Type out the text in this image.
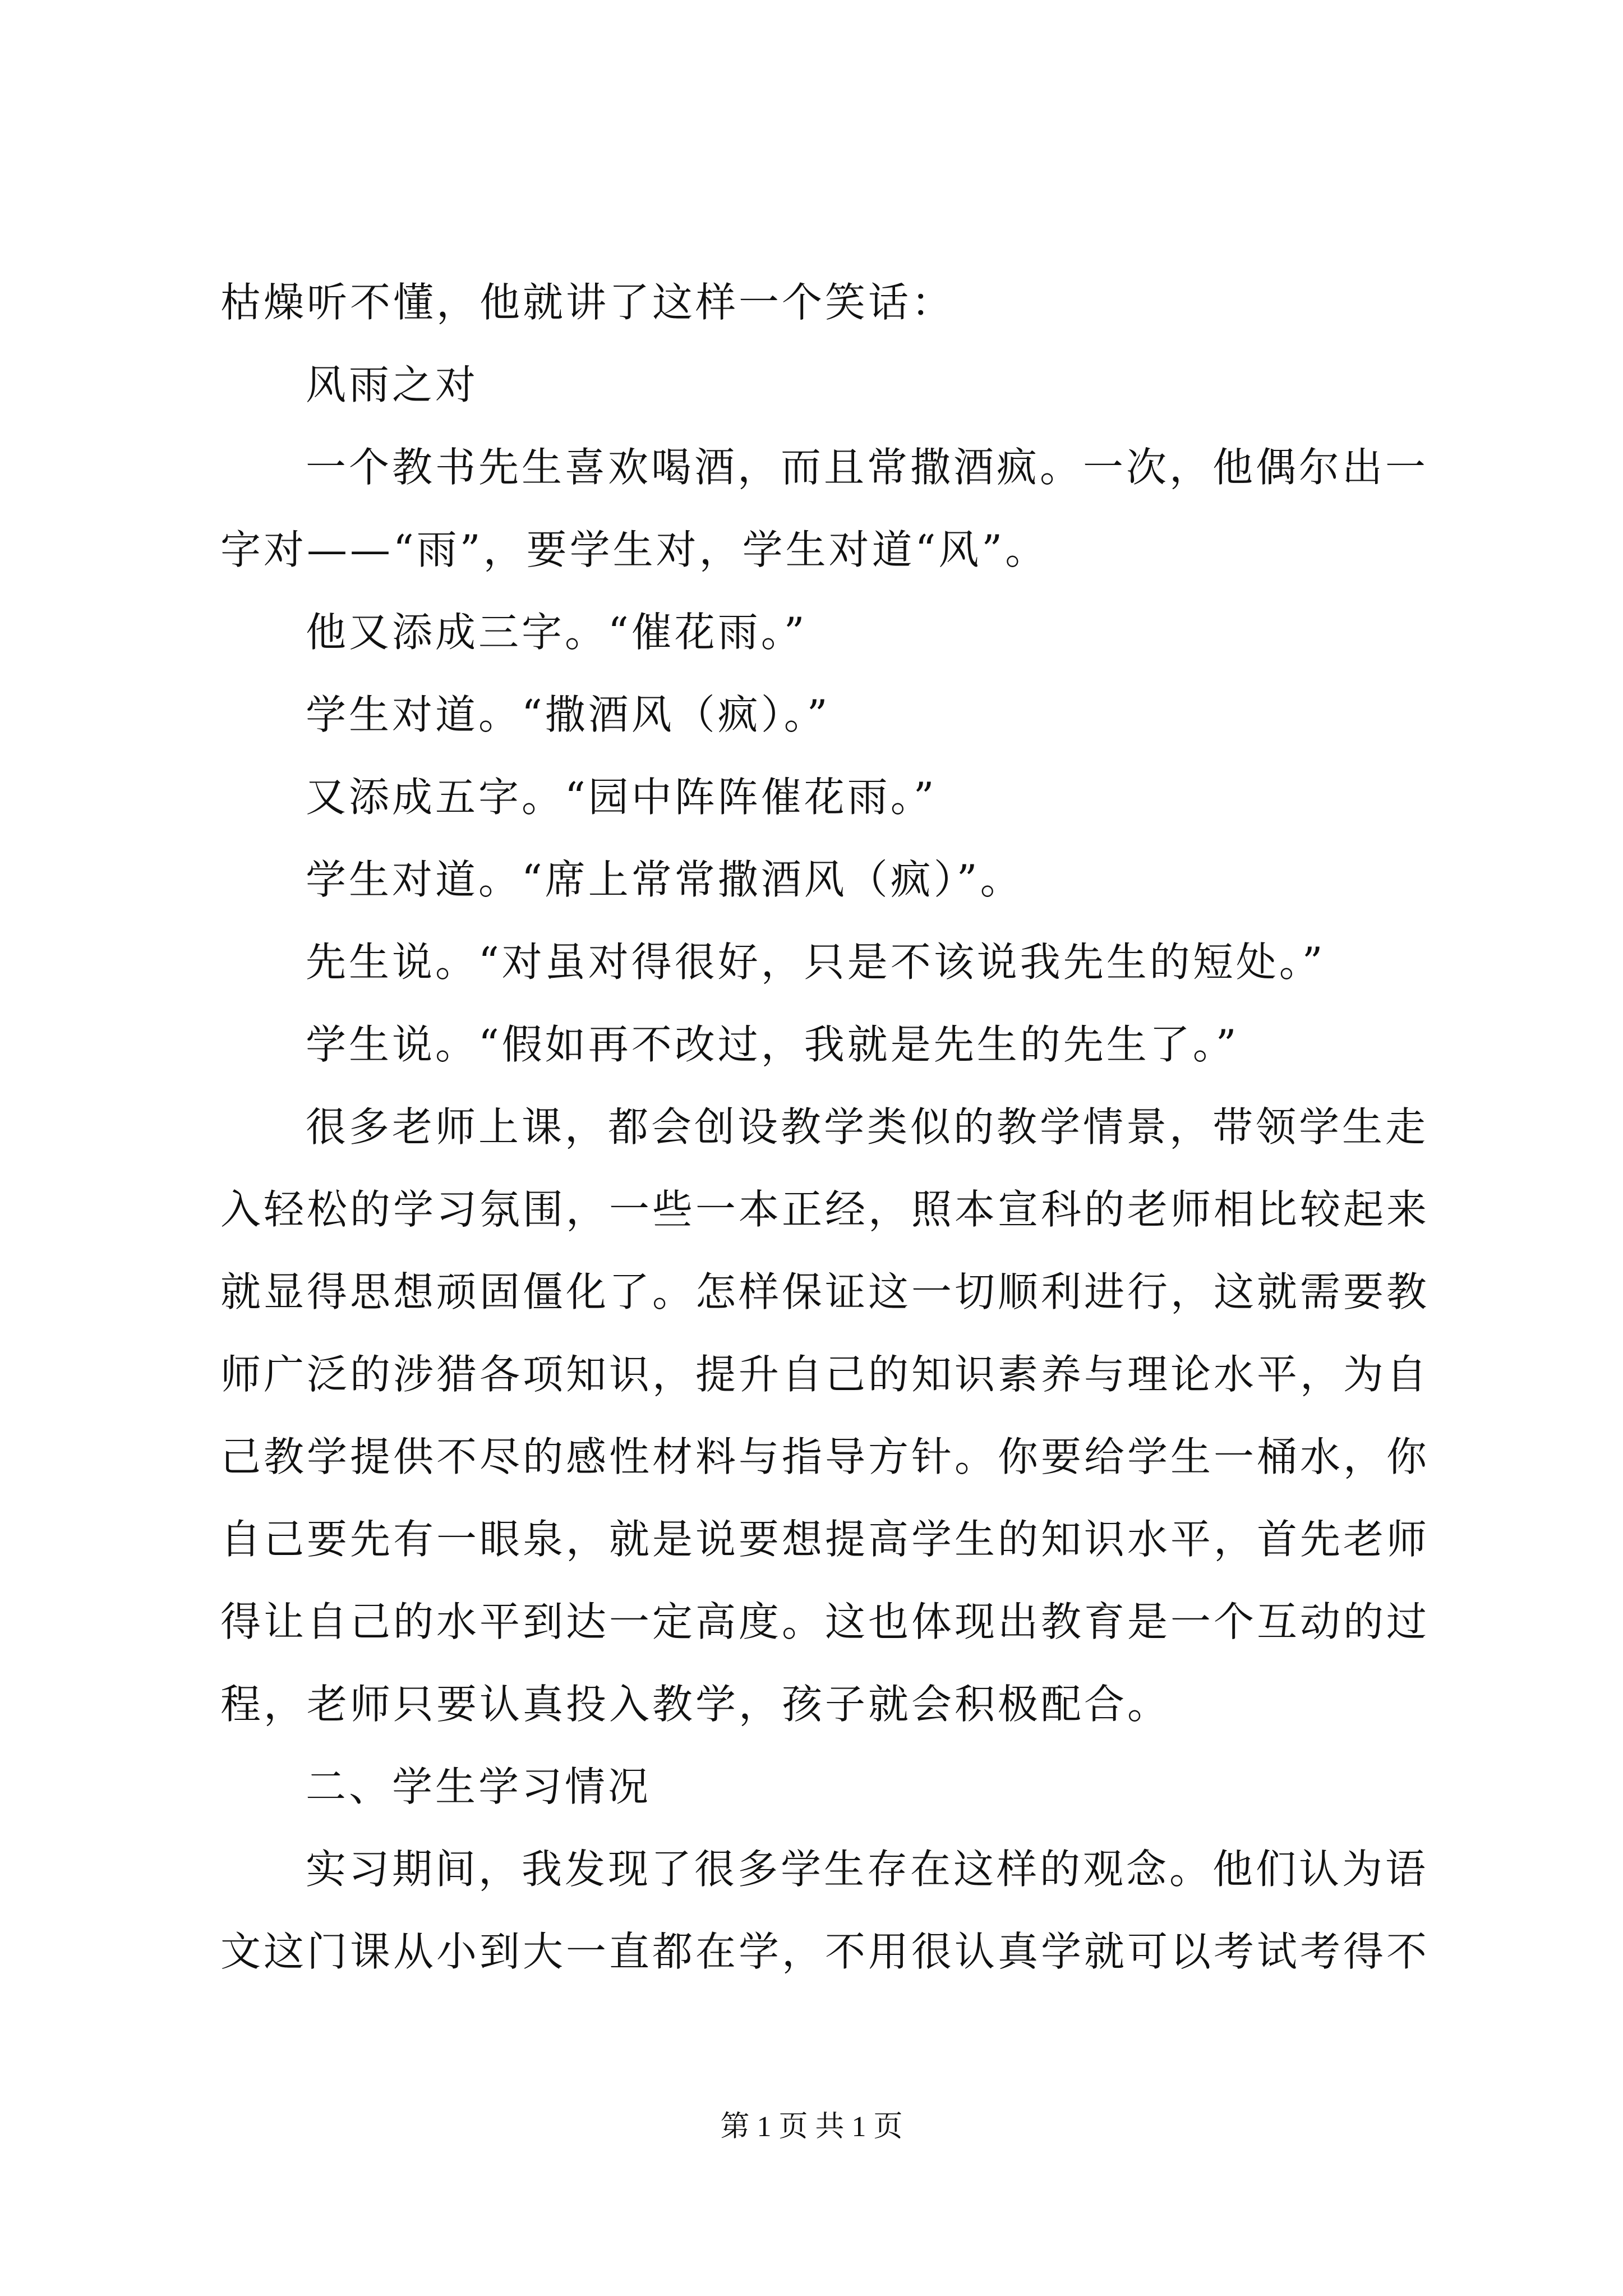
枯燥听不懂，他就讲了这样一个笑话：
风雨之对
一个教书先生喜欢喝酒，而且常撒酒疯。一次，他偶尔出一
字对——“雨”，要学生对，学生对道“风”。
他又添成三字。“催花雨。”
学生对道。“撒酒风（疯）。”
又添成五字。“园中阵阵催花雨。”
学生对道。“席上常常撒酒风（疯）”。
先生说。“对虽对得很好，只是不该说我先生的短处。”
学生说。“假如再不改过，我就是先生的先生了。”
很多老师上课，都会创设教学类似的教学情景，带领学生走
入轻松的学习氛围，一些一本正经，照本宣科的老师相比较起来
就显得思想顽固僵化了。怎样保证这一切顺利进行，这就需要教
师广泛的涉猎各项知识，提升自己的知识素养与理论水平，为自
己教学提供不尽的感性材料与指导方针。你要给学生一桶水，你
自己要先有一眼泉，就是说要想提高学生的知识水平，首先老师
得让自己的水平到达一定高度。这也体现出教育是一个互动的过
程，老师只要认真投入教学，孩子就会积极配合。
二、学生学习情况
实习期间，我发现了很多学生存在这样的观念。他们认为语
文这门课从小到大一直都在学，不用很认真学就可以考试考得不
第 1 页 共 1 页
